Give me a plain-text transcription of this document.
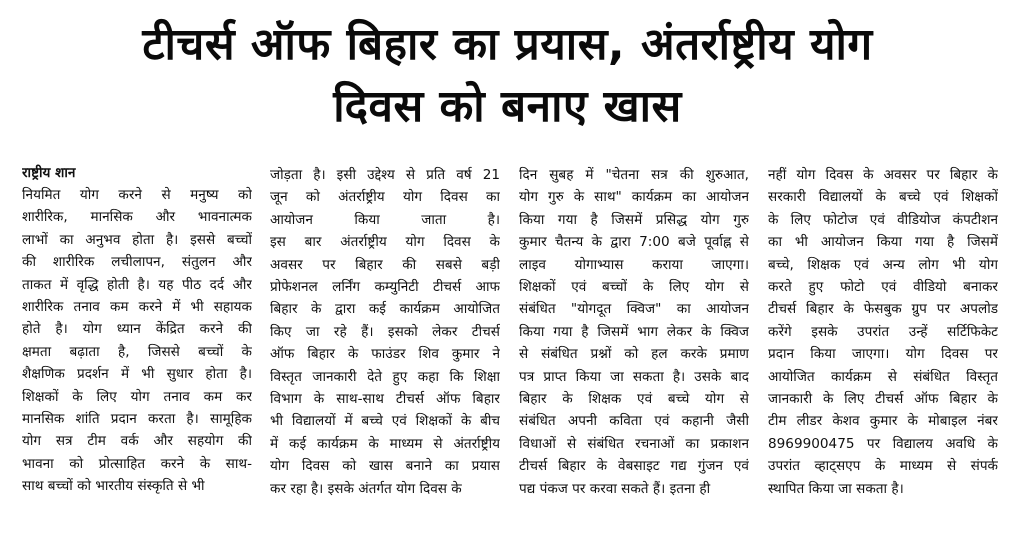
टीचर्स ऑफ बिहार का प्रयास, अंतर्राष्ट्रीय योग
दिवस को बनाए खास
राष्ट्रीय शान
नियमित योग करने से मनुष्य को
शारीरिक, मानसिक और भावनात्मक
लाभों का अनुभव होता है। इससे बच्चों
की शारीरिक लचीलापन, संतुलन और
ताकत में वृद्धि होती है। यह पीठ दर्द और
शारीरिक तनाव कम करने में भी सहायक
होते है। योग ध्यान केंद्रित करने की
क्षमता बढ़ाता है, जिससे बच्चों के
शैक्षणिक प्रदर्शन में भी सुधार होता है।
शिक्षकों के लिए योग तनाव कम कर
मानसिक शांति प्रदान करता है। सामूहिक
योग सत्र टीम वर्क और सहयोग की
भावना को प्रोत्साहित करने के साथ-
साथ बच्चों को भारतीय संस्कृति से भी
जोड़ता है। इसी उद्देश्य से प्रति वर्ष 21
जून को अंतर्राष्ट्रीय योग दिवस का
आयोजन किया जाता है।
इस बार अंतर्राष्ट्रीय योग दिवस के
अवसर पर बिहार की सबसे बड़ी
प्रोफेशनल लर्निंग कम्युनिटी टीचर्स आफ
बिहार के द्वारा कई कार्यक्रम आयोजित
किए जा रहे हैं। इसको लेकर टीचर्स
ऑफ बिहार के फाउंडर शिव कुमार ने
विस्तृत जानकारी देते हुए कहा कि शिक्षा
विभाग के साथ-साथ टीचर्स ऑफ बिहार
भी विद्यालयों में बच्चे एवं शिक्षकों के बीच
में कई कार्यक्रम के माध्यम से अंतर्राष्ट्रीय
योग दिवस को खास बनाने का प्रयास
कर रहा है। इसके अंतर्गत योग दिवस के
दिन सुबह में "चेतना सत्र की शुरुआत,
योग गुरु के साथ" कार्यक्रम का आयोजन
किया गया है जिसमें प्रसिद्ध योग गुरु
कुमार चैतन्य के द्वारा 7:00 बजे पूर्वाह्न से
लाइव योगाभ्यास कराया जाएगा।
शिक्षकों एवं बच्चों के लिए योग से
संबंधित "योगदूत क्विज" का आयोजन
किया गया है जिसमें भाग लेकर के क्विज
से संबंधित प्रश्नों को हल करके प्रमाण
पत्र प्राप्त किया जा सकता है। उसके बाद
बिहार के शिक्षक एवं बच्चे योग से
संबंधित अपनी कविता एवं कहानी जैसी
विधाओं से संबंधित रचनाओं का प्रकाशन
टीचर्स बिहार के वेबसाइट गद्य गुंजन एवं
पद्य पंकज पर करवा सकते हैं। इतना ही
नहीं योग दिवस के अवसर पर बिहार के
सरकारी विद्यालयों के बच्चे एवं शिक्षकों
के लिए फोटोज एवं वीडियोज कंपटीशन
का भी आयोजन किया गया है जिसमें
बच्चे, शिक्षक एवं अन्य लोग भी योग
करते हुए फोटो एवं वीडियो बनाकर
टीचर्स बिहार के फेसबुक ग्रुप पर अपलोड
करेंगे इसके उपरांत उन्हें सर्टिफिकेट
प्रदान किया जाएगा। योग दिवस पर
आयोजित कार्यक्रम से संबंधित विस्तृत
जानकारी के लिए टीचर्स ऑफ बिहार के
टीम लीडर केशव कुमार के मोबाइल नंबर
8969900475 पर विद्यालय अवधि के
उपरांत व्हाट्सएप के माध्यम से संपर्क
स्थापित किया जा सकता है।
